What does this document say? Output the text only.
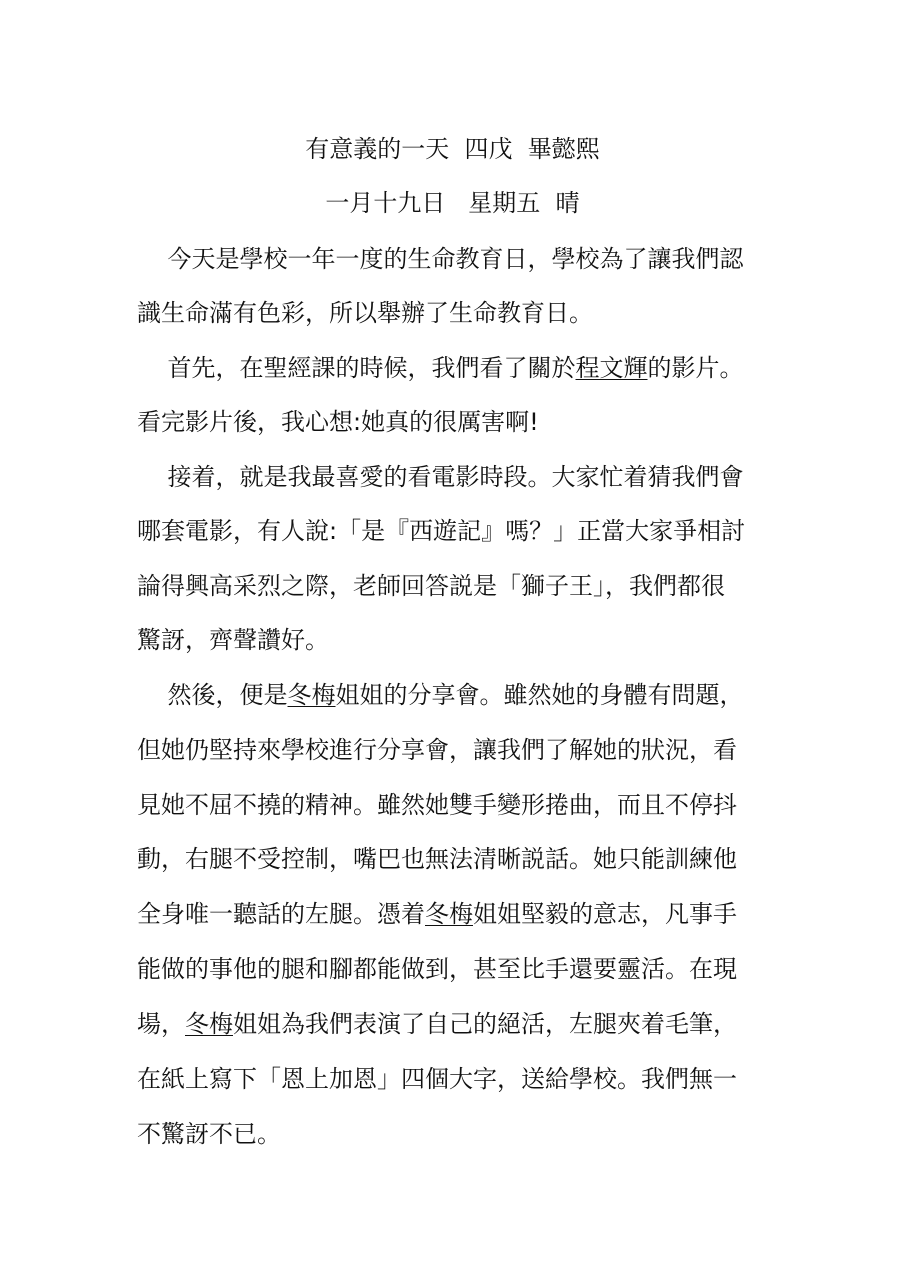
有意義的一天  四戊  畢懿熙
一月十九日   星期五  晴
今天是學校一年一度的生命教育日，學校為了讓我們認
識生命滿有色彩，所以舉辦了生命教育日。
首先，在聖經課的時候，我們看了關於程文輝的影片。
看完影片後，我心想:她真的很厲害啊!
接着，就是我最喜愛的看電影時段。大家忙着猜我們會
哪套電影，有人說:「是『西遊記』嗎？」正當大家爭相討
論得興高采烈之際，老師回答説是「獅子王」，我們都很
驚訝，齊聲讚好。
然後，便是冬梅姐姐的分享會。雖然她的身體有問題，
但她仍堅持來學校進行分享會，讓我們了解她的狀況，看
見她不屈不撓的精神。雖然她雙手變形捲曲，而且不停抖
動，右腿不受控制，嘴巴也無法清晰説話。她只能訓練他
全身唯一聽話的左腿。憑着冬梅姐姐堅毅的意志，凡事手
能做的事他的腿和腳都能做到，甚至比手還要靈活。在現
場，冬梅姐姐為我們表演了自己的絕活，左腿夾着毛筆，
在紙上寫下「恩上加恩」四個大字，送給學校。我們無一
不驚訝不已。
